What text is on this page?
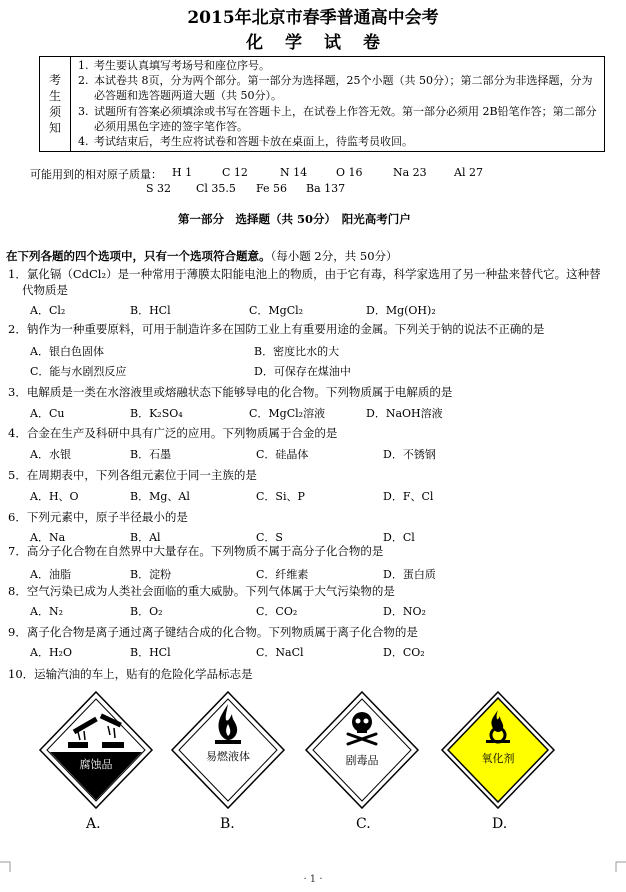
2015年北京市春季普通高中会考
化学试卷
考
生
须
知
1. 考生要认真填写考场号和座位序号。
2. 本试卷共 8页，分为两个部分。第一部分为选择题，25个小题（共 50分）；第二部分为非选择题，分为必答题和选答题两道大题（共 50分）。
3. 试题所有答案必须填涂或书写在答题卡上，在试卷上作答无效。第一部分必须用 2B铅笔作答；第二部分必须用黑色字迹的签字笔作答。
4. 考试结束后，考生应将试卷和答题卡放在桌面上，待监考员收回。
可能用到的相对原子质量： H 1	C 12	N 14	O 16	Na 23 Al 27
S 32 Cl 35.5 Fe 56 Ba 137
第一部分　选择题（共 50分）　阳光高考门户
在下列各题的四个选项中，只有一个选项符合题意。（每小题 2分，共 50分）
1．氯化镉（CdCl₂）是一种常用于薄膜太阳能电池上的物质，由于它有毒，科学家选用了另一种盐来替代它。这种替
代物质是
A．Cl₂	B．HCl	C．MgCl₂	D．Mg(OH)₂
2．钠作为一种重要原料，可用于制造许多在国防工业上有重要用途的金属。下列关于钠的说法不正确的是
A．银白色固体	B．密度比水的大
C．能与水剧烈反应	D．可保存在煤油中
3．电解质是一类在水溶液里或熔融状态下能够导电的化合物。下列物质属于电解质的是
A．Cu	B．K₂SO₄	C．MgCl₂溶液	D．NaOH溶液
4．合金在生产及科研中具有广泛的应用。下列物质属于合金的是
A．水银	B．石墨	C．硅晶体	D．不锈钢
5．在周期表中，下列各组元素位于同一主族的是
A．H、O	B．Mg、Al	C．Si、P	D．F、Cl
6．下列元素中，原子半径最小的是
A．Na	B．Al	C．S	D．Cl
7．高分子化合物在自然界中大量存在。下列物质不属于高分子化合物的是
A．油脂	B．淀粉	C．纤维素	D．蛋白质
8．空气污染已成为人类社会面临的重大威胁。下列气体属于大气污染物的是
A．N₂	B．O₂	C．CO₂	D．NO₂
9．离子化合物是离子通过离子键结合成的化合物。下列物质属于离子化合物的是
A．H₂O	B．HCl	C．NaCl	D．CO₂
10．运输汽油的车上，贴有的危险化学品标志是
腐蚀品
易燃液体	剧毒品	氧化剂
A.	B.	C.	D.
· 1 ·
